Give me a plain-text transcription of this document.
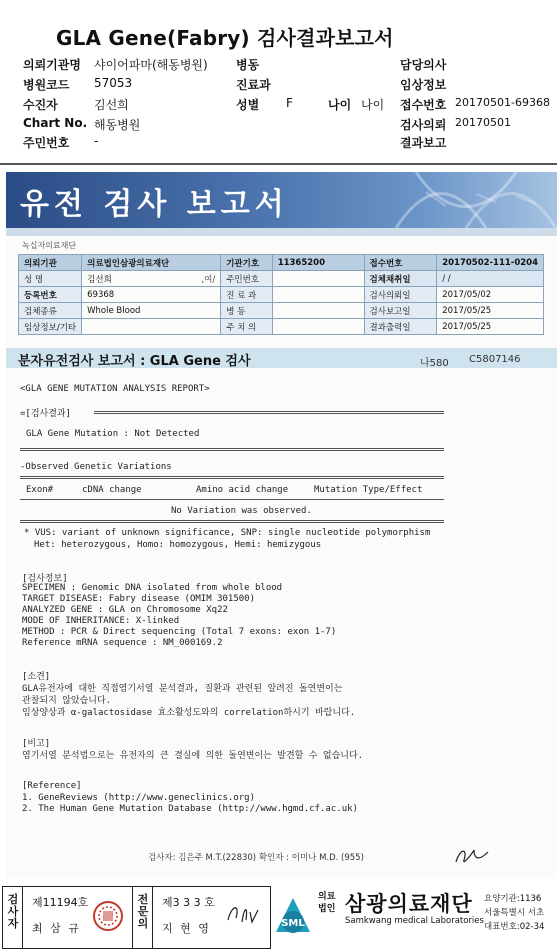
GLA Gene(Fabry) 검사결과보고서
의뢰기관명 샤이어파마(해동병원) 병동	담당의사
병원코드 57053	진료과	임상정보
수진자	김선희	성별 F	나이 나이 접수번호 20170501-69368
Chart No. 해동병원	검사의뢰 20170501
주민번호 -	결과보고
유전 검사 보고서
녹십자의료재단
의뢰기관	의료법인삼광의료재단	기관기호	11365200	접수번호	20170502-111-0204
성 명	김선희 ,여/	주민번호		검체채취일	/ /
등록번호	69368	진 료 과		검사의뢰일	2017/05/02
검체종류	Whole Blood	병 동		검사보고일	2017/05/25
임상정보/기타		주 치 의		결과출력일	2017/05/25
분자유전검사 보고서 : GLA Gene 검사	나580 C5807146
<GLA GENE MUTATION ANALYSIS REPORT>
=[검사결과]
GLA Gene Mutation : Not Detected
-Observed Genetic Variations
Exon#	cDNA change	Amino acid change	Mutation Type/Effect
No Variation was observed.
* VUS: variant of unknown significance, SNP: single nucleotide polymorphism
Het: heterozygous, Homo: homozygous, Hemi: hemizygous
[검사정보]
SPECIMEN : Genomic DNA isolated from whole blood
TARGET DISEASE: Fabry disease (OMIM 301500)
ANALYZED GENE : GLA on Chromosome Xq22
MODE OF INHERITANCE: X-linked
METHOD : PCR & Direct sequencing (Total 7 exons: exon 1-7)
Reference mRNA sequence : NM_000169.2
[소견]
GLA유전자에 대한 직접염기서열 분석결과, 질환과 관련된 알려진 돌연변이는
관찰되지 않았습니다.
임상양상과 α-galactosidase 효소활성도와의 correlation하시기 바랍니다.
[비고]
염기서열 분석법으로는 유전자의 큰 결실에 의한 돌연변이는 발견할 수 없습니다.
[Reference]
1. GeneReviews (http://www.geneclinics.org)
2. The Human Gene Mutation Database (http://www.hgmd.cf.ac.uk)
검사자: 김은주 M.T.(22830) 확인자 : 이미나 M.D. (955)
검사자
제11194호
최 삼 규
전문의
제3 3 3 호
지 현 영	SML
의료
법인 삼광의료재단
Samkwang medical Laboratories
요양기관:1136
서울특별시 서초
대표번호:02-34
